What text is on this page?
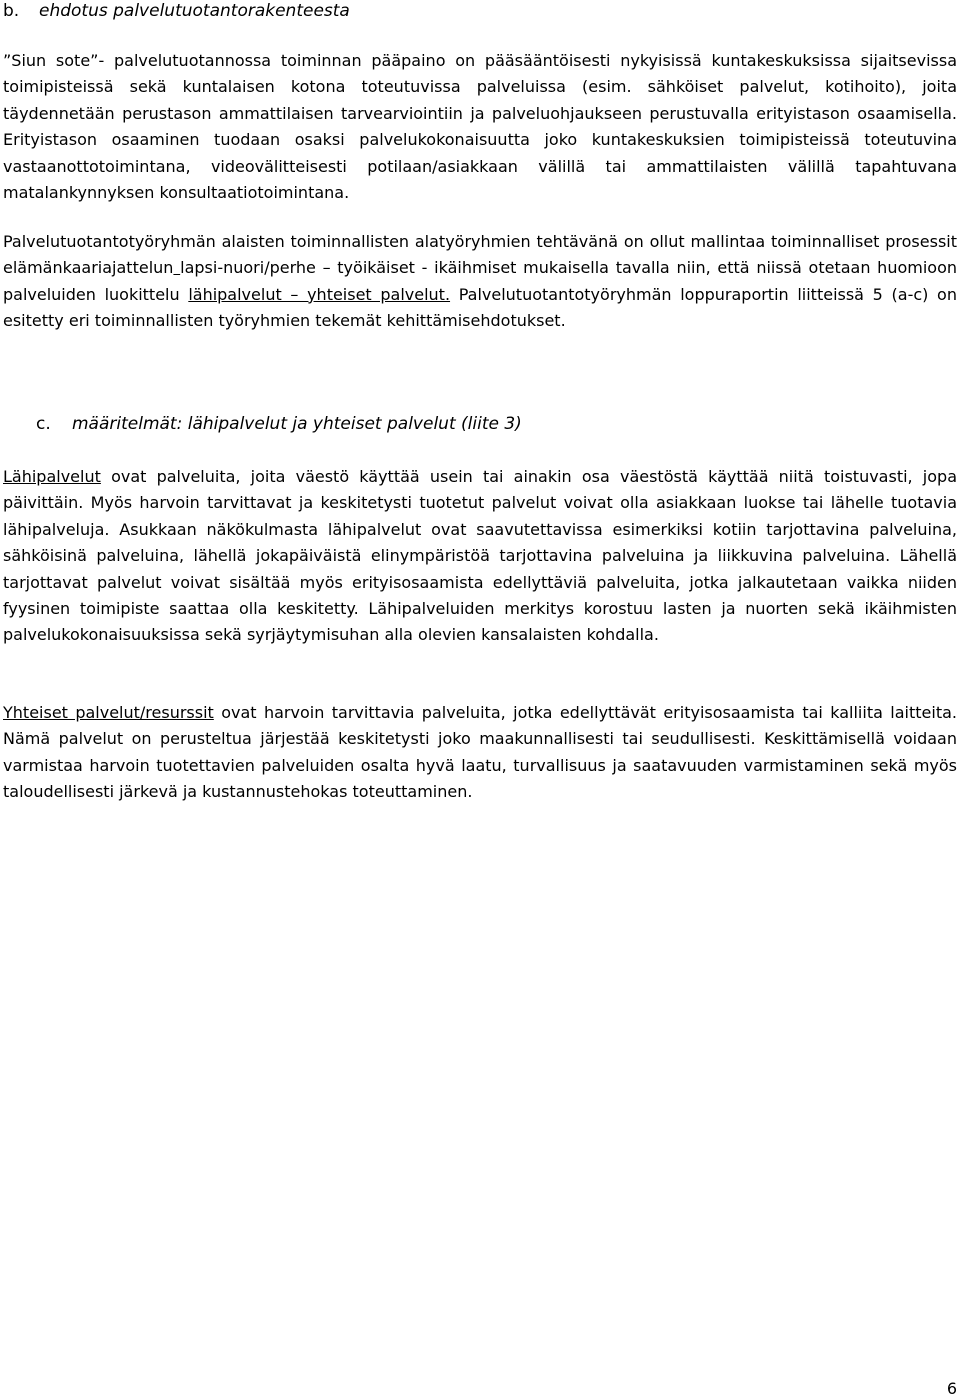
b. ehdotus palvelutuotantorakenteesta

”Siun sote”- palvelutuotannossa toiminnan pääpaino on pääsääntöisesti nykyisissä kuntakeskuksissa sijaitsevissa toimipisteissä sekä kuntalaisen kotona toteutuvissa palveluissa (esim. sähköiset palvelut, kotihoito), joita täydennetään perustason ammattilaisen tarvearviointiin ja palveluohjaukseen perustuvalla erityistason osaamisella. Erityistason osaaminen tuodaan osaksi palvelukokonaisuutta joko kuntakeskuksien toimipisteissä toteutuvina vastaanottotoimintana, videovälitteisesti potilaan/asiakkaan välillä tai ammattilaisten välillä tapahtuvana matalankynnyksen konsultaatiotoimintana.

Palvelutuotantotyöryhmän alaisten toiminnallisten alatyöryhmien tehtävänä on ollut mallintaa toiminnalliset prosessit elämänkaariajattelun lapsi-nuori/perhe – työikäiset - ikäihmiset mukaisella tavalla niin, että niissä otetaan huomioon palveluiden luokittelu lähipalvelut – yhteiset palvelut. Palvelutuotantotyöryhmän loppuraportin liitteissä 5 (a-c) on esitetty eri toiminnallisten työryhmien tekemät kehittämisehdotukset.

c. määritelmät: lähipalvelut ja yhteiset palvelut (liite 3)

Lähipalvelut ovat palveluita, joita väestö käyttää usein tai ainakin osa väestöstä käyttää niitä toistuvasti, jopa päivittäin. Myös harvoin tarvittavat ja keskitetysti tuotetut palvelut voivat olla asiakkaan luokse tai lähelle tuotavia lähipalveluja. Asukkaan näkökulmasta lähipalvelut ovat saavutettavissa esimerkiksi kotiin tarjottavina palveluina, sähköisinä palveluina, lähellä jokapäiväistä elinympäristöä tarjottavina palveluina ja liikkuvina palveluina. Lähellä tarjottavat palvelut voivat sisältää myös erityisosaamista edellyttäviä palveluita, jotka jalkautetaan vaikka niiden fyysinen toimipiste saattaa olla keskitetty. Lähipalveluiden merkitys korostuu lasten ja nuorten sekä ikäihmisten palvelukokonaisuuksissa sekä syrjäytymisuhan alla olevien kansalaisten kohdalla.

Yhteiset palvelut/resurssit ovat harvoin tarvittavia palveluita, jotka edellyttävät erityisosaamista tai kalliita laitteita. Nämä palvelut on perusteltua järjestää keskitetysti joko maakunnallisesti tai seudullisesti. Keskittämisellä voidaan varmistaa harvoin tuotettavien palveluiden osalta hyvä laatu, turvallisuus ja saatavuuden varmistaminen sekä myös taloudellisesti järkevä ja kustannustehokas toteuttaminen.

6
